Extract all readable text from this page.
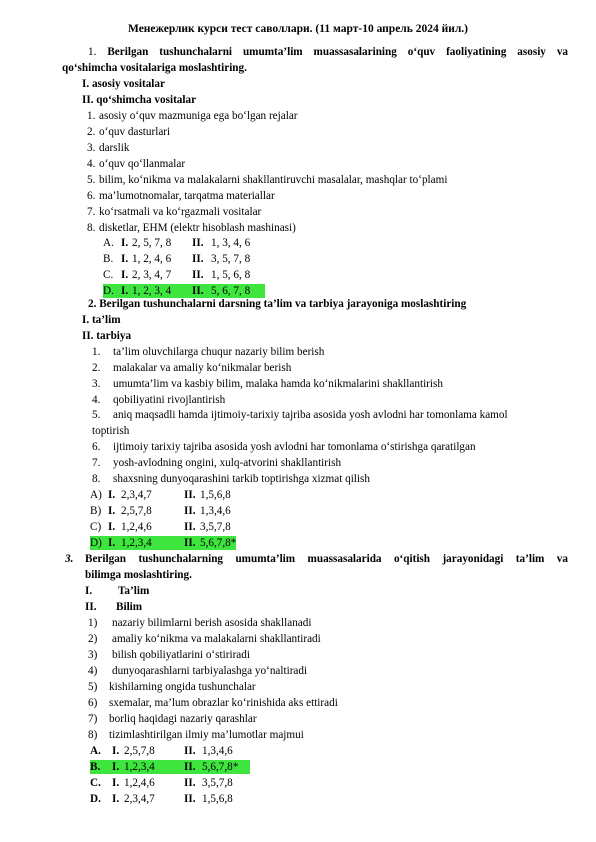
Менежерлик курси тест саволлари. (11 март-10 апрель 2024 йил.)
1. Berilgan tushunchalarni umumta’lim muassasalarining o‘quv faoliyatining asosiy va
qo‘shimcha vositalariga moslashtiring.
I. asosiy vositalar
II. qo‘shimcha vositalar
1. asosiy o‘quv mazmuniga ega bo‘lgan rejalar
2. o‘quv dasturlari
3. darslik
4. o‘quv qo‘llanmalar
5. bilim, ko‘nikma va malakalarni shakllantiruvchi masalalar, mashqlar to‘plami
6. ma’lumotnomalar, tarqatma materiallar
7. ko‘rsatmali va ko‘rgazmali vositalar
8. disketlar, EHM (elektr hisoblash mashinasi)
A. I. 2, 5, 7, 8 II. 1, 3, 4, 6
B. I. 1, 2, 4, 6 II. 3, 5, 7, 8
C. I. 2, 3, 4, 7 II. 1, 5, 6, 8
D. I. 1, 2, 3, 4 II. 5, 6, 7, 8
2. Berilgan tushunchalarni darsning ta’lim va tarbiya jarayoniga moslashtiring
I. ta’lim
II. tarbiya
toptirish
1. ta’lim oluvchilarga chuqur nazariy bilim berish
2. malakalar va amaliy ko‘nikmalar berish
3. umumta’lim va kasbiy bilim, malaka hamda ko‘nikmalarini shakllantirish
4. qobiliyatini rivojlantirish
5. aniq maqsadli hamda ijtimoiy-tarixiy tajriba asosida yosh avlodni har tomonlama kamol
6. ijtimoiy tarixiy tajriba asosida yosh avlodni har tomonlama o‘stirishga qaratilgan
7. yosh-avlodning ongini, xulq-atvorini shakllantirish
8. shaxsning dunyoqarashini tarkib toptirishga xizmat qilish
A) I. 2,3,4,7	II. 1,5,6,8
B) I. 2,5,7,8	II. 1,3,4,6
C) I. 1,2,4,6	II. 3,5,7,8
D) I. 1,2,3,4	II. 5,6,7,8*
3. Berilgan tushunchalarning umumta’lim muassasalarida o‘qitish jarayonidagi ta’lim va
bilimga moslashtiring.
I. Ta’lim
II. Bilim
1) nazariy bilimlarni berish asosida shakllanadi
2) amaliy ko‘nikma va malakalarni shakllantiradi
3) bilish qobiliyatlarini o‘stiriradi
4) dunyoqarashlarni tarbiyalashga yo‘naltiradi
5) kishilarning ongida tushunchalar
6) sxemalar, ma’lum obrazlar ko‘rinishida aks ettiradi
7) borliq haqidagi nazariy qarashlar
8) tizimlashtirilgan ilmiy ma’lumotlar majmui
A. I. 2,5,7,8	II. 1,3,4,6
B. I. 1,2,3,4	II. 5,6,7,8*
C. I. 1,2,4,6	II. 3,5,7,8
D. I. 2,3,4,7	II. 1,5,6,8
